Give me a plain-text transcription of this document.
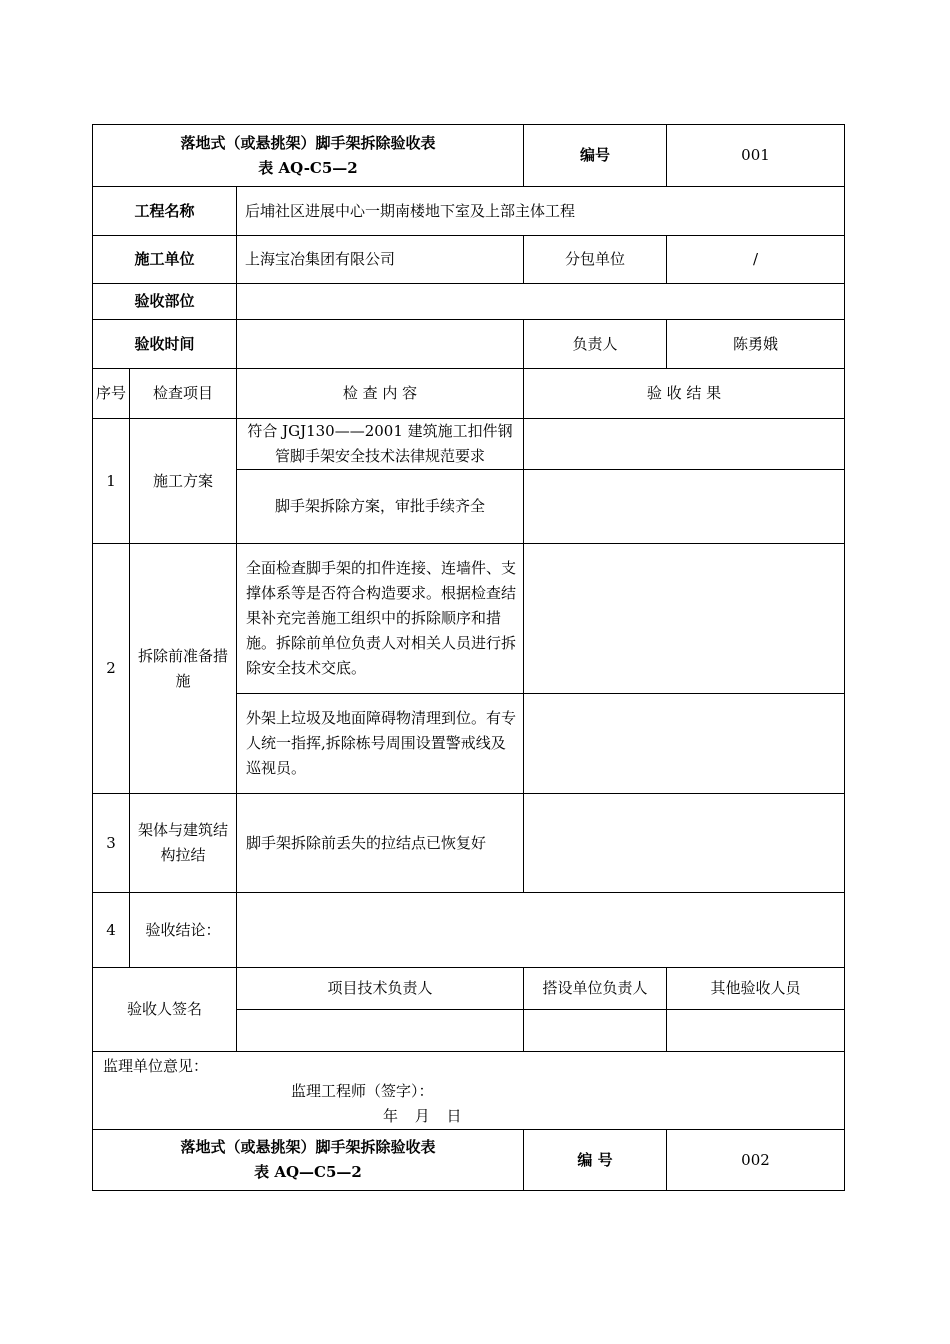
落地式（或悬挑架）脚手架拆除验收表
表 AQ-C5—2			编号	001
工程名称		后埔社区进展中心一期南楼地下室及上部主体工程		
施工单位		上海宝冶集团有限公司	分包单位	/
验收部位				
验收时间			负责人	陈勇娥
序号	检查项目	检 查 内 容	验 收 结 果	
1	施工方案	符合 JGJ130——2001 建筑施工扣件钢管脚手架安全技术法律规范要求		
		脚手架拆除方案，审批手续齐全		
2	拆除前准备措施	全面检查脚手架的扣件连接、连墙件、支撑体系等是否符合构造要求。根据检查结果补充完善施工组织中的拆除顺序和措施。拆除前单位负责人对相关人员进行拆除安全技术交底。		
		外架上垃圾及地面障碍物清理到位。有专人统一指挥,拆除栋号周围设置警戒线及巡视员。		
3	架体与建筑结构拉结	脚手架拆除前丢失的拉结点已恢复好		
4	验收结论：			
验收人签名		项目技术负责人	搭设单位负责人	其他验收人员

监理单位意见：
监理工程师（签字）：
年 月 日				

落地式（或悬挑架）脚手架拆除验收表
表 AQ—C5—2			编 号	002
